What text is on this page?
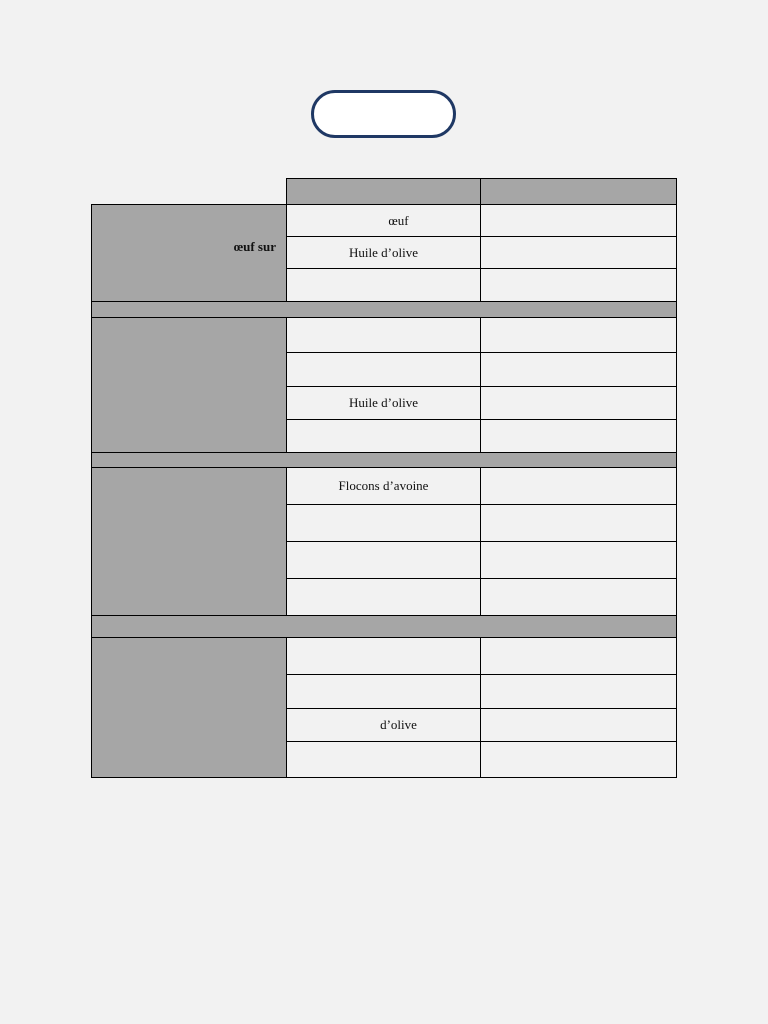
œuf sur
œuf
Huile d’olive
Huile d’olive
Flocons d’avoine
d’olive
